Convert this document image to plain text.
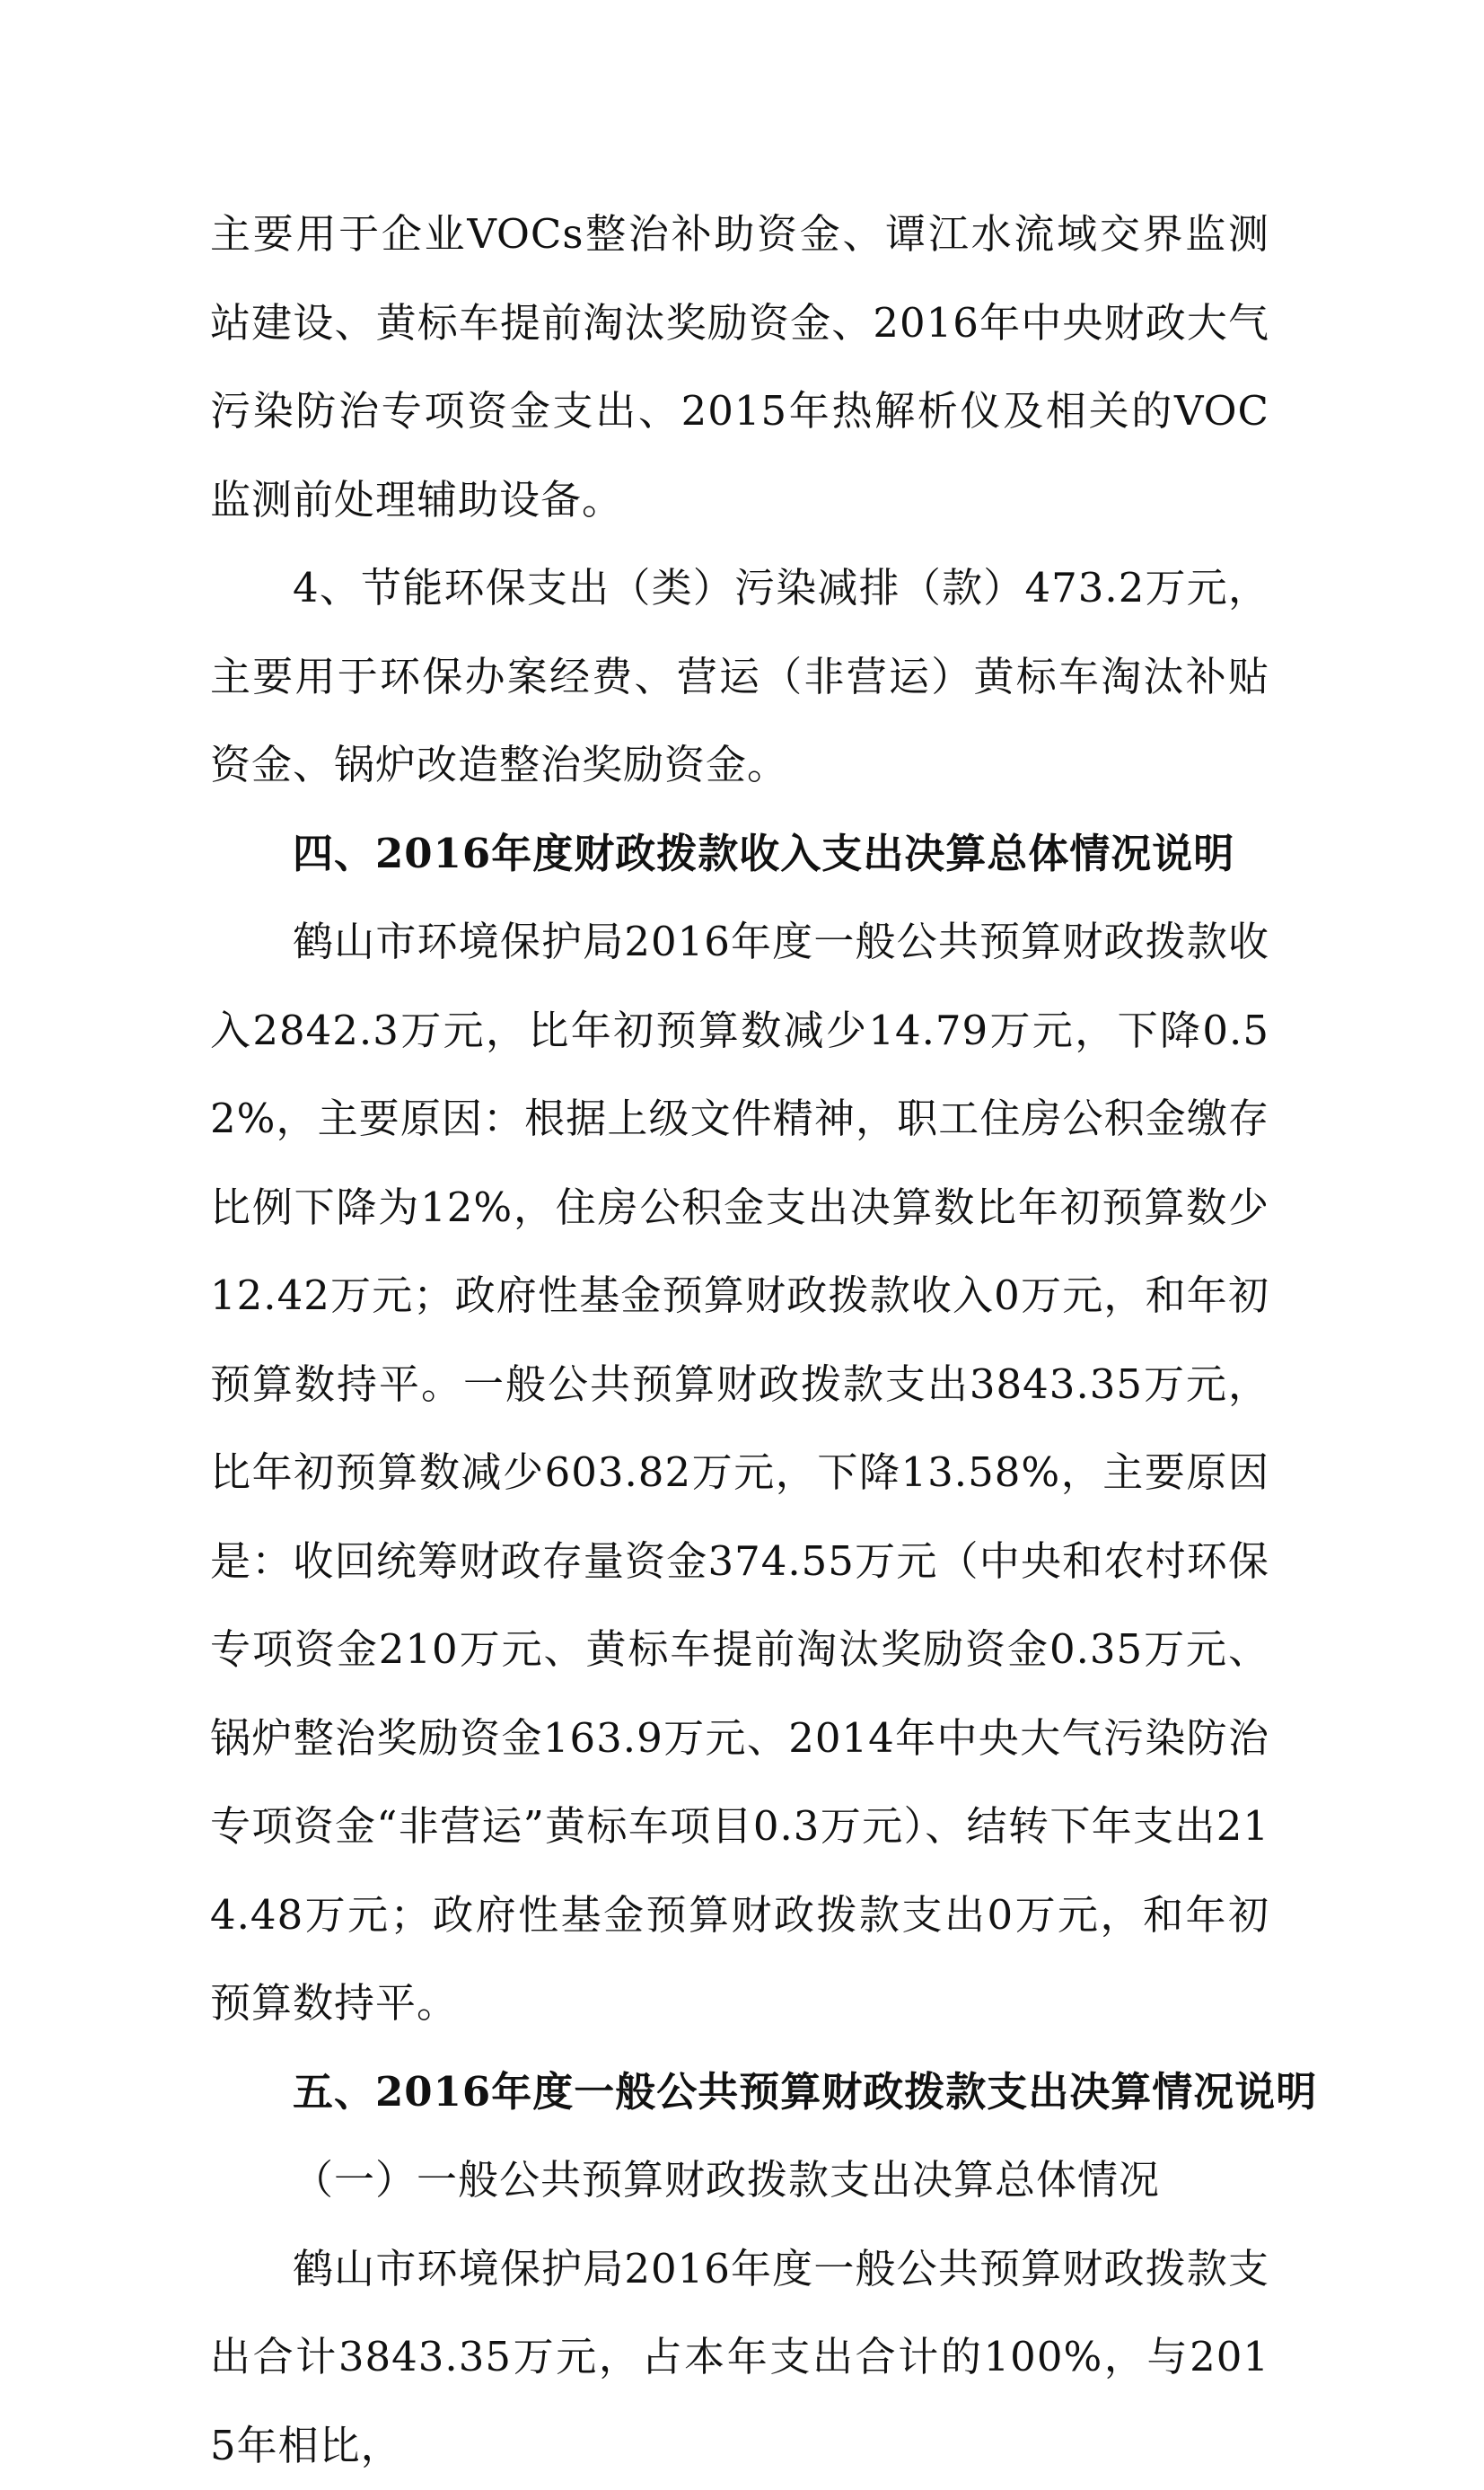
主要用于企业VOCs整治补助资金、谭江水流域交界监测站建设、黄标车提前淘汰奖励资金、2016年中央财政大气污染防治专项资金支出、2015年热解析仪及相关的VOC监测前处理辅助设备。

4、节能环保支出（类）污染减排（款）473.2万元，主要用于环保办案经费、营运（非营运）黄标车淘汰补贴资金、锅炉改造整治奖励资金。

四、2016年度财政拨款收入支出决算总体情况说明

鹤山市环境保护局2016年度一般公共预算财政拨款收入2842.3万元，比年初预算数减少14.79万元，下降0.52%，主要原因：根据上级文件精神，职工住房公积金缴存比例下降为12%，住房公积金支出决算数比年初预算数少12.42万元；政府性基金预算财政拨款收入0万元，和年初预算数持平。一般公共预算财政拨款支出3843.35万元，比年初预算数减少603.82万元，下降13.58%，主要原因是：收回统筹财政存量资金374.55万元（中央和农村环保专项资金210万元、黄标车提前淘汰奖励资金0.35万元、锅炉整治奖励资金163.9万元、2014年中央大气污染防治专项资金“非营运”黄标车项目0.3万元）、结转下年支出214.48万元；政府性基金预算财政拨款支出0万元，和年初预算数持平。

五、2016年度一般公共预算财政拨款支出决算情况说明

（一）一般公共预算财政拨款支出决算总体情况

鹤山市环境保护局2016年度一般公共预算财政拨款支出合计3843.35万元，占本年支出合计的100%，与2015年相比，
